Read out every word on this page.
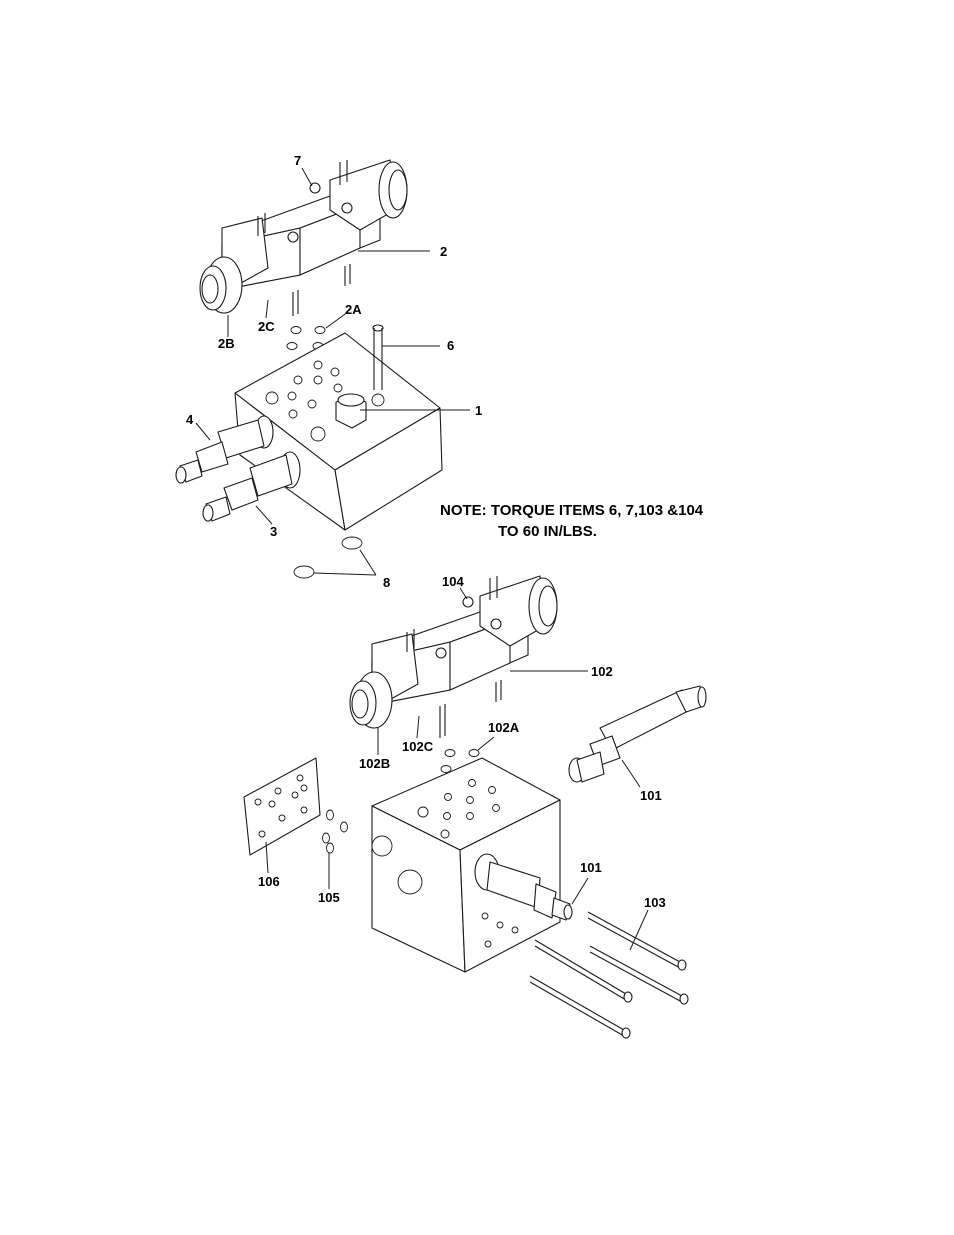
7
2
2A
2C
2B	6
1
4
3
8	104
102
102A
102C
102B
101
101
103
106
105
NOTE: TORQUE ITEMS 6, 7,103 &104
TO 60 IN/LBS.
